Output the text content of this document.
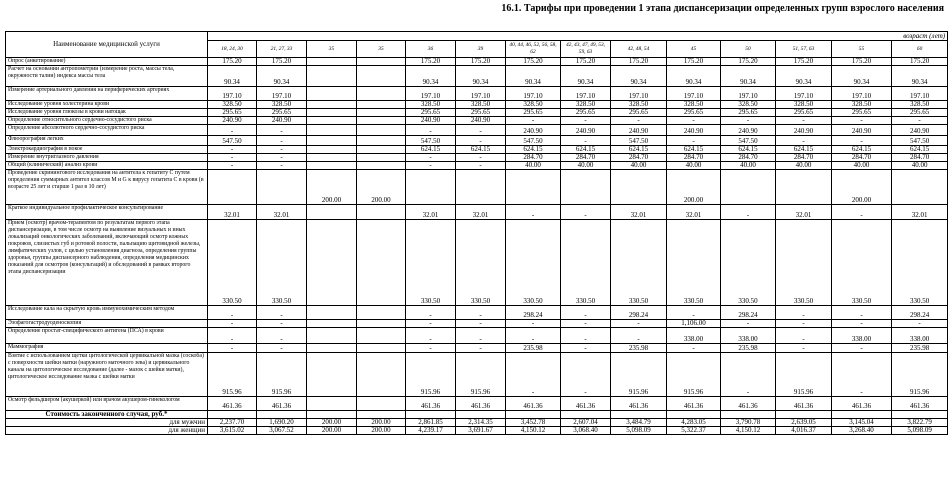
16.1. Тарифы при проведении 1 этапа диспансеризации определенных групп взрослого населения
Наименование медицинской услуги	возраст (лет)													
	18, 24, 30	21, 27, 33	35	35	36	39	40, 44, 46, 52, 56, 58, 62	42, 43, 47, 49, 53, 59, 63	42, 48, 54	45	50	51, 57, 63	55	60
Опрос (анкетирование)	175.20	175.20			175.20	175.20	175.20	175.20	175.20	175.20	175.20	175.20	175.20	175.20
Расчет на основании антропометрии (измерение роста, массы тела, окружности талии) индекса массы тела	90.34	90.34			90.34	90.34	90.34	90.34	90.34	90.34	90.34	90.34	90.34	90.34
Измерение артериального давления на периферических артериях	197.10	197.10			197.10	197.10	197.10	197.10	197.10	197.10	197.10	197.10	197.10	197.10
Исследование уровня холестерина крови	328.50	328.50			328.50	328.50	328.50	328.50	328.50	328.50	328.50	328.50	328.50	328.50
Исследование уровня глюкозы в крови натощак	295.65	295.65			295.65	295.65	295.65	295.65	295.65	295.65	295.65	295.65	295.65	295.65
Определение относительного сердечно-сосудистого риска	240.90	240.90			240.90	240.90	-	-	-	-	-	-	-	-
Определение абсолютного сердечно-сосудистого риска	-	-			-	-	240.90	240.90	240.90	240.90	240.90	240.90	240.90	240.90
Флюорография легких	547.50	-			547.50	-	547.50	-	547.50	-	547.50	-	-	547.50
Электрокардиография в покое	-	-			624.15	624.15	624.15	624.15	624.15	624.15	624.15	624.15	624.15	624.15
Измерение внутриглазного давления	-	-			-	-	284.70	284.70	284.70	284.70	284.70	284.70	284.70	284.70
Общий (клинический) анализ крови	-	-			-	-	40.00	40.00	40.00	40.00	40.00	40.00	40.00	40.00
Проведение скринингового исследования на антитела к гепатиту С путем определения суммарных антител классов М и G к вирусу гепатита С в крови (в возрасте 25 лет и старше 1 раз в 10 лет)			200.00	200.00						200.00			200.00	
Краткое индивидуальное профилактическое консультирование	32.01	32.01			32.01	32.01	-	-	32.01	32.01	-	32.01	-	32.01
Прием (осмотр) врачом-терапевтом по результатам первого этапа диспансеризации, в том числе осмотр на выявление визуальных и иных локализаций онкологических заболеваний, включающий осмотр кожных покровов, слизистых губ и ротовой полости, пальпацию щитовидной железы, лимфатических узлов, с целью установления диагноза, определения группы здоровья, группы диспансерного наблюдения, определения медицинских показаний для осмотров (консультаций) и обследований в рамках второго этапа диспансеризации	330.50	330.50			330.50	330.50	330.50	330.50	330.50	330.50	330.50	330.50	330.50	330.50
Исследование кала на скрытую кровь иммунохимическим методом	-	-			-	-	298.24	-	298.24	-	298.24	-	-	298.24
Эзофагогастродуоденоскопия	-	-			-	-	-	-	-	1,106.00	-	-	-	-
Определение простат-специфического антигена (ПСА) в крови	-	-			-	-	-	-	-	338.00	338.00	-	338.00	338.00
Маммография	-	-			-	-	235.98	-	235.98	-	235.98	-	-	235.98
Взятие с использованием щетки цитологической цервикальной мазка (соскоба) с поверхности шейки матки (наружного маточного зева) и цервикального канала на цитологическое исследование (далее - мазок с шейки матки), цитологическое исследование мазка с шейки матки	915.96	915.96			915.96	915.96	-	-	915.96	915.96	-	915.96	-	915.96
Осмотр фельдшером (акушеркой) или врачом акушером-гинекологом	461.36	461.36			461.36	461.36	461.36	461.36	461.36	461.36	461.36	461.36	461.36	461.36
Стоимость законченного случая, руб.*														
для мужчин	2,237.70	1,690.20	200.00	200.00	2,861.85	2,314.35	3,452.78	2,607.04	3,484.79	4,283.05	3,790.78	2,639.05	3,145.04	3,822.79
для женщин	3,615.02	3,067.52	200.00	200.00	4,239.17	3,691.67	4,150.12	3,068.40	5,098.09	5,322.37	4,150.12	4,016.37	3,268.40	5,098.09
